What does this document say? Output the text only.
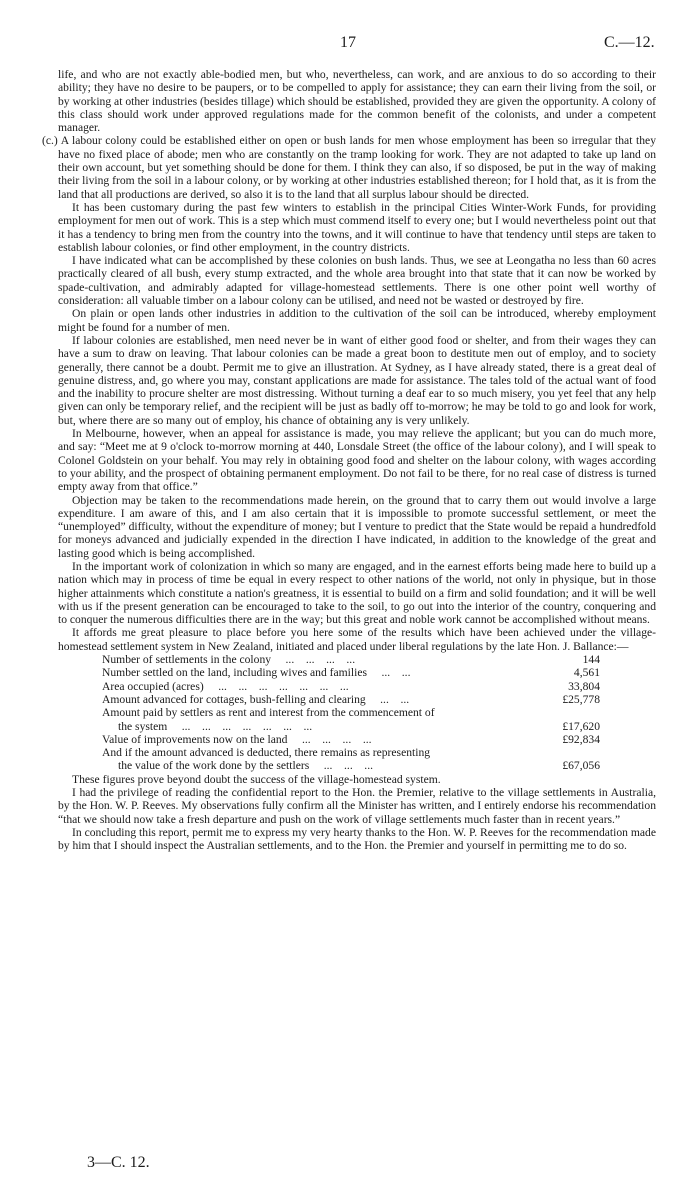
17	C.—12.

life, and who are not exactly able-bodied men, but who, nevertheless, can work, and are anxious to do so according to their ability; they have no desire to be paupers, or to be compelled to apply for assistance; they can earn their living from the soil, or by working at other industries (besides tillage) which should be established, provided they are given the opportunity. A colony of this class should work under approved regulations made for the common benefit of the colonists, and under a competent manager.

(c.) A labour colony could be established either on open or bush lands for men whose employment has been so irregular that they have no fixed place of abode; men who are constantly on the tramp looking for work. They are not adapted to take up land on their own account, but yet something should be done for them. I think they can also, if so disposed, be put in the way of making their living from the soil in a labour colony, or by working at other industries established thereon; for I hold that, as it is from the land that all productions are derived, so also it is to the land that all surplus labour should be directed.

It has been customary during the past few winters to establish in the principal Cities Winter-Work Funds, for providing employment for men out of work. This is a step which must commend itself to every one; but I would nevertheless point out that it has a tendency to bring men from the country into the towns, and it will continue to have that tendency until steps are taken to establish labour colonies, or find other employment, in the country districts.

I have indicated what can be accomplished by these colonies on bush lands. Thus, we see at Leongatha no less than 60 acres practically cleared of all bush, every stump extracted, and the whole area brought into that state that it can now be worked by spade-cultivation, and admirably adapted for village-homestead settlements. There is one other point well worthy of consideration: all valuable timber on a labour colony can be utilised, and need not be wasted or destroyed by fire.

On plain or open lands other industries in addition to the cultivation of the soil can be introduced, whereby employment might be found for a number of men.

If labour colonies are established, men need never be in want of either good food or shelter, and from their wages they can have a sum to draw on leaving. That labour colonies can be made a great boon to destitute men out of employ, and to society generally, there cannot be a doubt. Permit me to give an illustration. At Sydney, as I have already stated, there is a great deal of genuine distress, and, go where you may, constant applications are made for assistance. The tales told of the actual want of food and the inability to procure shelter are most distressing. Without turning a deaf ear to so much misery, you yet feel that any help given can only be temporary relief, and the recipient will be just as badly off to-morrow; he may be told to go and look for work, but, where there are so many out of employ, his chance of obtaining any is very unlikely.

In Melbourne, however, when an appeal for assistance is made, you may relieve the applicant; but you can do much more, and say: “Meet me at 9 o'clock to-morrow morning at 440, Lonsdale Street (the office of the labour colony), and I will speak to Colonel Goldstein on your behalf. You may rely in obtaining good food and shelter on the labour colony, with wages according to your ability, and the prospect of obtaining permanent employment. Do not fail to be there, for no real case of distress is turned empty away from that office.”

Objection may be taken to the recommendations made herein, on the ground that to carry them out would involve a large expenditure. I am aware of this, and I am also certain that it is impossible to promote successful settlement, or meet the “unemployed” difficulty, without the expenditure of money; but I venture to predict that the State would be repaid a hundredfold for moneys advanced and judicially expended in the direction I have indicated, in addition to the knowledge of the great and lasting good which is being accomplished.

In the important work of colonization in which so many are engaged, and in the earnest efforts being made here to build up a nation which may in process of time be equal in every respect to other nations of the world, not only in physique, but in those higher attainments which constitute a nation's greatness, it is essential to build on a firm and solid foundation; and it will be well with us if the present generation can be encouraged to take to the soil, to go out into the interior of the country, conquering and to conquer the numerous difficulties there are in the way; but this great and noble work cannot be accomplished without means.

It affords me great pleasure to place before you here some of the results which have been achieved under the village-homestead settlement system in New Zealand, initiated and placed under liberal regulations by the late Hon. J. Ballance:—

Number of settlements in the colony  ... ... ... ...	144
Number settled on the land, including wives and families  ... ...	4,561
Area occupied (acres)  ... ... ... ... ... ... ...	33,804
Amount advanced for cottages, bush-felling and clearing  ... ...	£25,778
Amount paid by settlers as rent and interest from the commencement of
the system  ... ... ... ... ... ... ...	£17,620
Value of improvements now on the land  ... ... ... ...	£92,834
And if the amount advanced is deducted, there remains as representing
the value of the work done by the settlers  ... ... ...	£67,056

These figures prove beyond doubt the success of the village-homestead system.

I had the privilege of reading the confidential report to the Hon. the Premier, relative to the village settlements in Australia, by the Hon. W. P. Reeves. My observations fully confirm all the Minister has written, and I entirely endorse his recommendation “that we should now take a fresh departure and push on the work of village settlements much faster than in recent years.”

In concluding this report, permit me to express my very hearty thanks to the Hon. W. P. Reeves for the recommendation made by him that I should inspect the Australian settlements, and to the Hon. the Premier and yourself in permitting me to do so.

3—C. 12.
